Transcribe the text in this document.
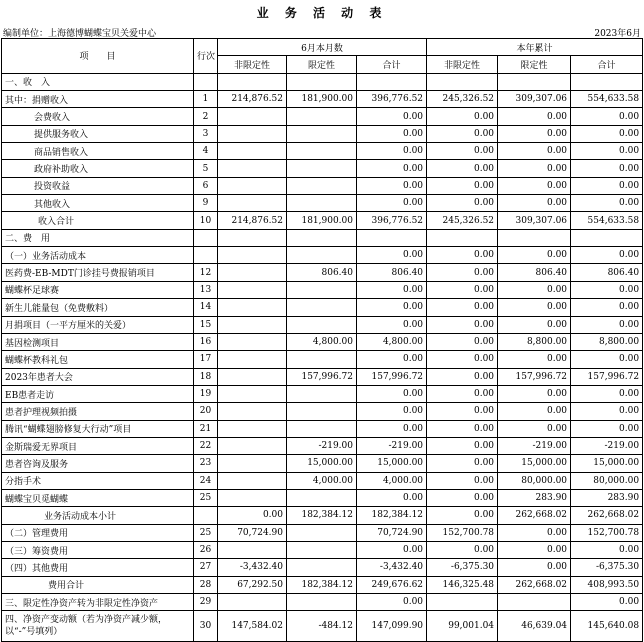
业 务 活 动 表
编制单位：上海德博蝴蝶宝贝关爱中心	2023年6月
项　　目	行次	6月本月数			本年累计		
		非限定性	限定性	合计	非限定性	限定性	合计
一、收　入							
其中：捐赠收入	1	214,876.52	181,900.00	396,776.52	245,326.52	309,307.06	554,633.58
会费收入	2			0.00	0.00	0.00	0.00
提供服务收入	3			0.00	0.00	0.00	0.00
商品销售收入	4			0.00	0.00	0.00	0.00
政府补助收入	5			0.00	0.00	0.00	0.00
投资收益	6			0.00	0.00	0.00	0.00
其他收入	9			0.00	0.00	0.00	0.00
收入合计	10	214,876.52	181,900.00	396,776.52	245,326.52	309,307.06	554,633.58
二、费　用							
（一）业务活动成本				0.00	0.00	0.00	0.00
医药费-EB-MDT门诊挂号费报销项目	12		806.40	806.40	0.00	806.40	806.40
蝴蝶杯足球赛	13			0.00	0.00	0.00	0.00
新生儿能量包（免费敷料）	14			0.00	0.00	0.00	0.00
月捐项目（一平方厘米的关爱）	15			0.00	0.00	0.00	0.00
基因检测项目	16		4,800.00	4,800.00	0.00	8,800.00	8,800.00
蝴蝶杯教科礼包	17			0.00	0.00	0.00	0.00
2023年患者大会	18		157,996.72	157,996.72	0.00	157,996.72	157,996.72
EB患者走访	19			0.00	0.00	0.00	0.00
患者护理视频拍摄	20			0.00	0.00	0.00	0.00
腾讯“蝴蝶翅膀修复大行动”项目	21			0.00	0.00	0.00	0.00
金斯瑞爱无界项目	22		-219.00	-219.00	0.00	-219.00	-219.00
患者咨询及服务	23		15,000.00	15,000.00	0.00	15,000.00	15,000.00
分指手术	24		4,000.00	4,000.00	0.00	80,000.00	80,000.00
蝴蝶宝贝觅蝴蝶	25			0.00	0.00	283.90	283.90
业务活动成本小计		0.00	182,384.12	182,384.12	0.00	262,668.02	262,668.02
（二）管理费用	25	70,724.90		70,724.90	152,700.78	0.00	152,700.78
（三）筹资费用	26			0.00	0.00	0.00	0.00
（四）其他费用	27	-3,432.40		-3,432.40	-6,375.30	0.00	-6,375.30
费用合计	28	67,292.50	182,384.12	249,676.62	146,325.48	262,668.02	408,993.50
三、限定性净资产转为非限定性净资产	29			0.00			0.00
四、净资产变动额（若为净资产减少额，以“-”号填列）	30	147,584.02	-484.12	147,099.90	99,001.04	46,639.04	145,640.08
